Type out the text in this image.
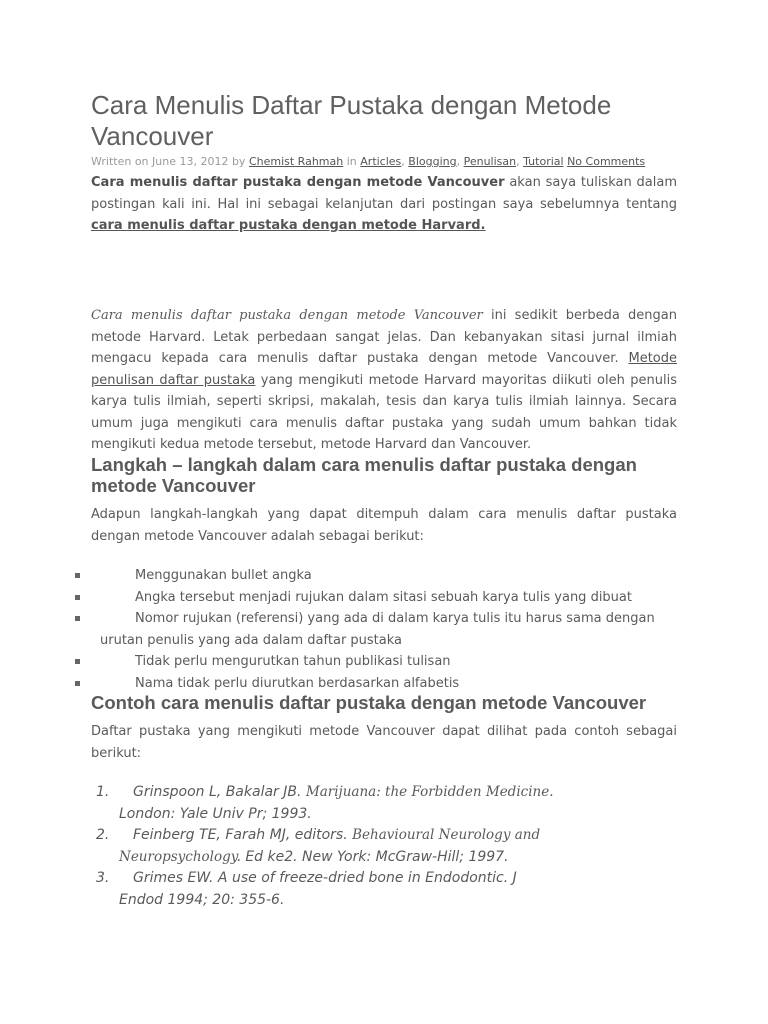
Cara Menulis Daftar Pustaka dengan Metode Vancouver
Written on June 13, 2012 by Chemist Rahmah in Articles, Blogging, Penulisan, Tutorial No Comments

Cara menulis daftar pustaka dengan metode Vancouver akan saya tuliskan dalam postingan kali ini. Hal ini sebagai kelanjutan dari postingan saya sebelumnya tentang cara menulis daftar pustaka dengan metode Harvard.

Cara menulis daftar pustaka dengan metode Vancouver ini sedikit berbeda dengan metode Harvard. Letak perbedaan sangat jelas. Dan kebanyakan sitasi jurnal ilmiah mengacu kepada cara menulis daftar pustaka dengan metode Vancouver. Metode penulisan daftar pustaka yang mengikuti metode Harvard mayoritas diikuti oleh penulis karya tulis ilmiah, seperti skripsi, makalah, tesis dan karya tulis ilmiah lainnya. Secara umum juga mengikuti cara menulis daftar pustaka yang sudah umum bahkan tidak mengikuti kedua metode tersebut, metode Harvard dan Vancouver.

Langkah – langkah dalam cara menulis daftar pustaka dengan metode Vancouver

Adapun langkah-langkah yang dapat ditempuh dalam cara menulis daftar pustaka dengan metode Vancouver adalah sebagai berikut:

Menggunakan bullet angka
Angka tersebut menjadi rujukan dalam sitasi sebuah karya tulis yang dibuat
Nomor rujukan (referensi) yang ada di dalam karya tulis itu harus sama dengan
urutan penulis yang ada dalam daftar pustaka
Tidak perlu mengurutkan tahun publikasi tulisan
Nama tidak perlu diurutkan berdasarkan alfabetis
Contoh cara menulis daftar pustaka dengan metode Vancouver

Daftar pustaka yang mengikuti metode Vancouver dapat dilihat pada contoh sebagai berikut:

1. Grinspoon L, Bakalar JB. Marijuana: the Forbidden Medicine.
London: Yale Univ Pr; 1993.
2. Feinberg TE, Farah MJ, editors. Behavioural Neurology and
Neuropsychology. Ed ke2. New York: McGraw-Hill; 1997.
3. Grimes EW. A use of freeze-dried bone in Endodontic. J
Endod 1994; 20: 355-6.
